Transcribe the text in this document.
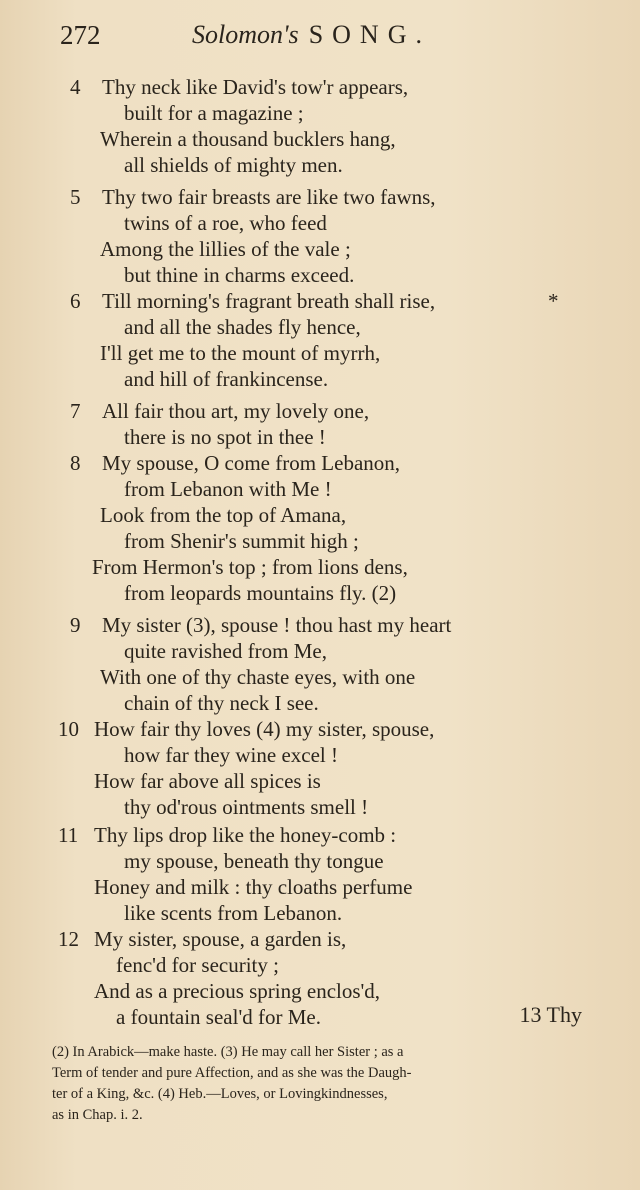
272	Solomon's SONG.
4 Thy neck like David's tow'r appears,
built for a magazine ;
Wherein a thousand bucklers hang,
all shields of mighty men.
5 Thy two fair breasts are like two fawns,
twins of a roe, who feed
Among the lillies of the vale ;
but thine in charms exceed.
6 Till morning's fragrant breath shall rise,	*
and all the shades fly hence,
I'll get me to the mount of myrrh,
and hill of frankincense.
7 All fair thou art, my lovely one,
there is no spot in thee !
8 My spouse, O come from Lebanon,
from Lebanon with Me !
Look from the top of Amana,
from Shenir's summit high ;
From Hermon's top ; from lions dens,
from leopards mountains fly. (2)
9 My sister (3), spouse ! thou hast my heart
quite ravished from Me,
With one of thy chaste eyes, with one
chain of thy neck I see.
10 How fair thy loves (4) my sister, spouse,
how far they wine excel !
How far above all spices is
thy od'rous ointments smell !
11 Thy lips drop like the honey-comb :
my spouse, beneath thy tongue
Honey and milk : thy cloaths perfume
like scents from Lebanon.
12 My sister, spouse, a garden is,
fenc'd for security ;
And as a precious spring enclos'd,
a fountain seal'd for Me.	13 Thy
(2) In Arabick—make haste. (3) He may call her Sister ; as a
Term of tender and pure Affection, and as she was the Daugh-
ter of a King, &c. (4) Heb.—Loves, or Lovingkindnesses,
as in Chap. i. 2.
